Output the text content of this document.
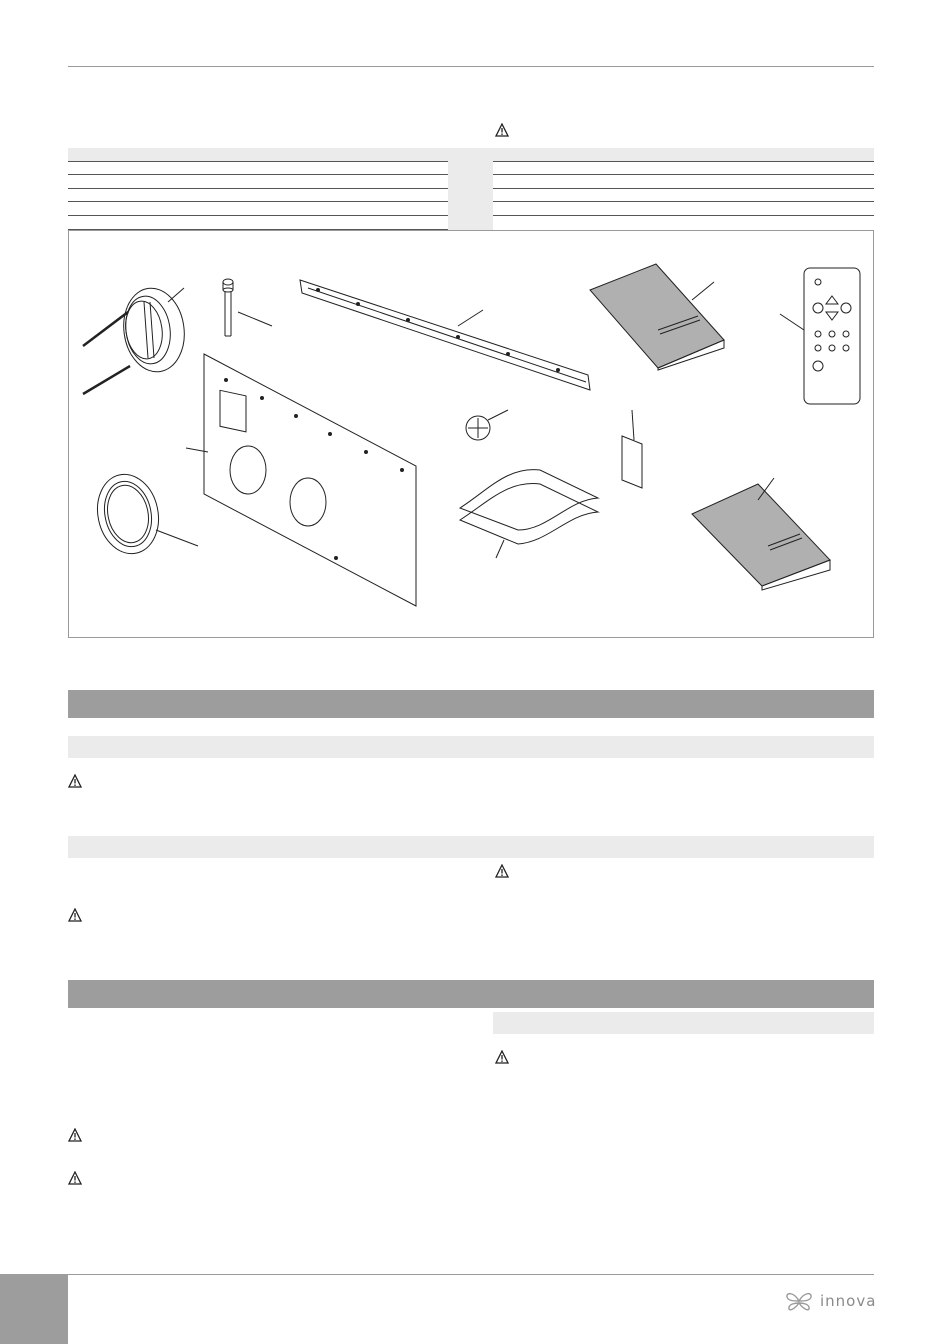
innova
